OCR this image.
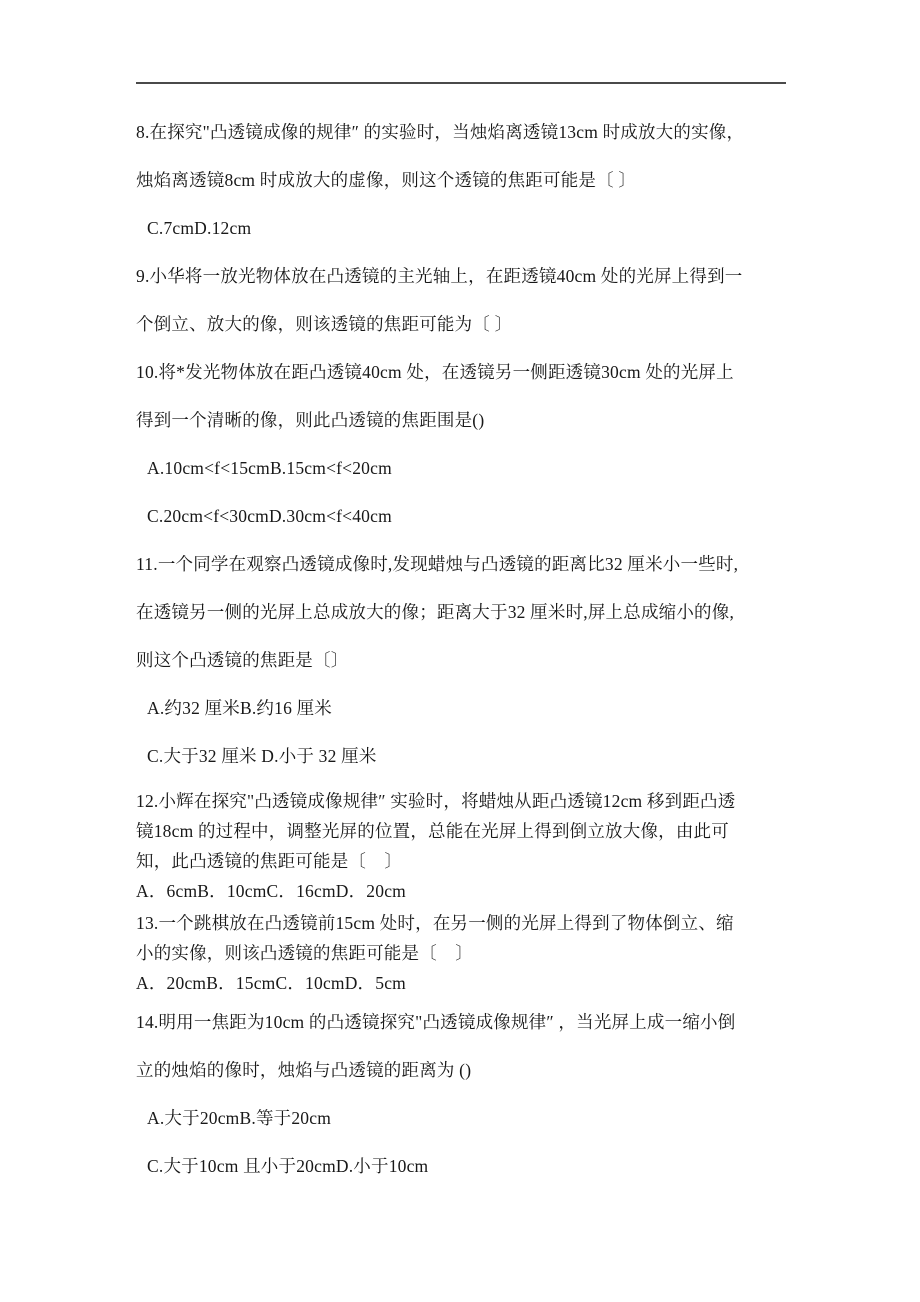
8.在探究"凸透镜成像的规律″ 的实验时，当烛焰离透镜13cm 时成放大的实像，
烛焰离透镜8cm 时成放大的虚像，则这个透镜的焦距可能是〔 〕
C.7cmD.12cm
9.小华将一放光物体放在凸透镜的主光轴上，在距透镜40cm 处的光屏上得到一
个倒立、放大的像，则该透镜的焦距可能为〔 〕
10.将*发光物体放在距凸透镜40cm 处，在透镜另一侧距透镜30cm 处的光屏上
得到一个清晰的像，则此凸透镜的焦距围是()
A.10cm<f<15cmB.15cm<f<20cm
C.20cm<f<30cmD.30cm<f<40cm
11.一个同学在观察凸透镜成像时,发现蜡烛与凸透镜的距离比32 厘米小一些时,
在透镜另一侧的光屏上总成放大的像；距离大于32 厘米时,屏上总成缩小的像,
则这个凸透镜的焦距是〔〕
A.约32 厘米B.约16 厘米
C.大于32 厘米 D.小于 32 厘米
12.小辉在探究"凸透镜成像规律″ 实验时，将蜡烛从距凸透镜12cm 移到距凸透
镜18cm 的过程中，调整光屏的位置，总能在光屏上得到倒立放大像，由此可
知，此凸透镜的焦距可能是〔    〕
A．6cmB．10cmC．16cmD．20cm
13.一个跳棋放在凸透镜前15cm 处时，在另一侧的光屏上得到了物体倒立、缩
小的实像，则该凸透镜的焦距可能是〔    〕
A．20cmB．15cmC．10cmD．5cm
14.明用一焦距为10cm 的凸透镜探究"凸透镜成像规律″ ，当光屏上成一缩小倒
立的烛焰的像时，烛焰与凸透镜的距离为 ()
A.大于20cmB.等于20cm
C.大于10cm 且小于20cmD.小于10cm
